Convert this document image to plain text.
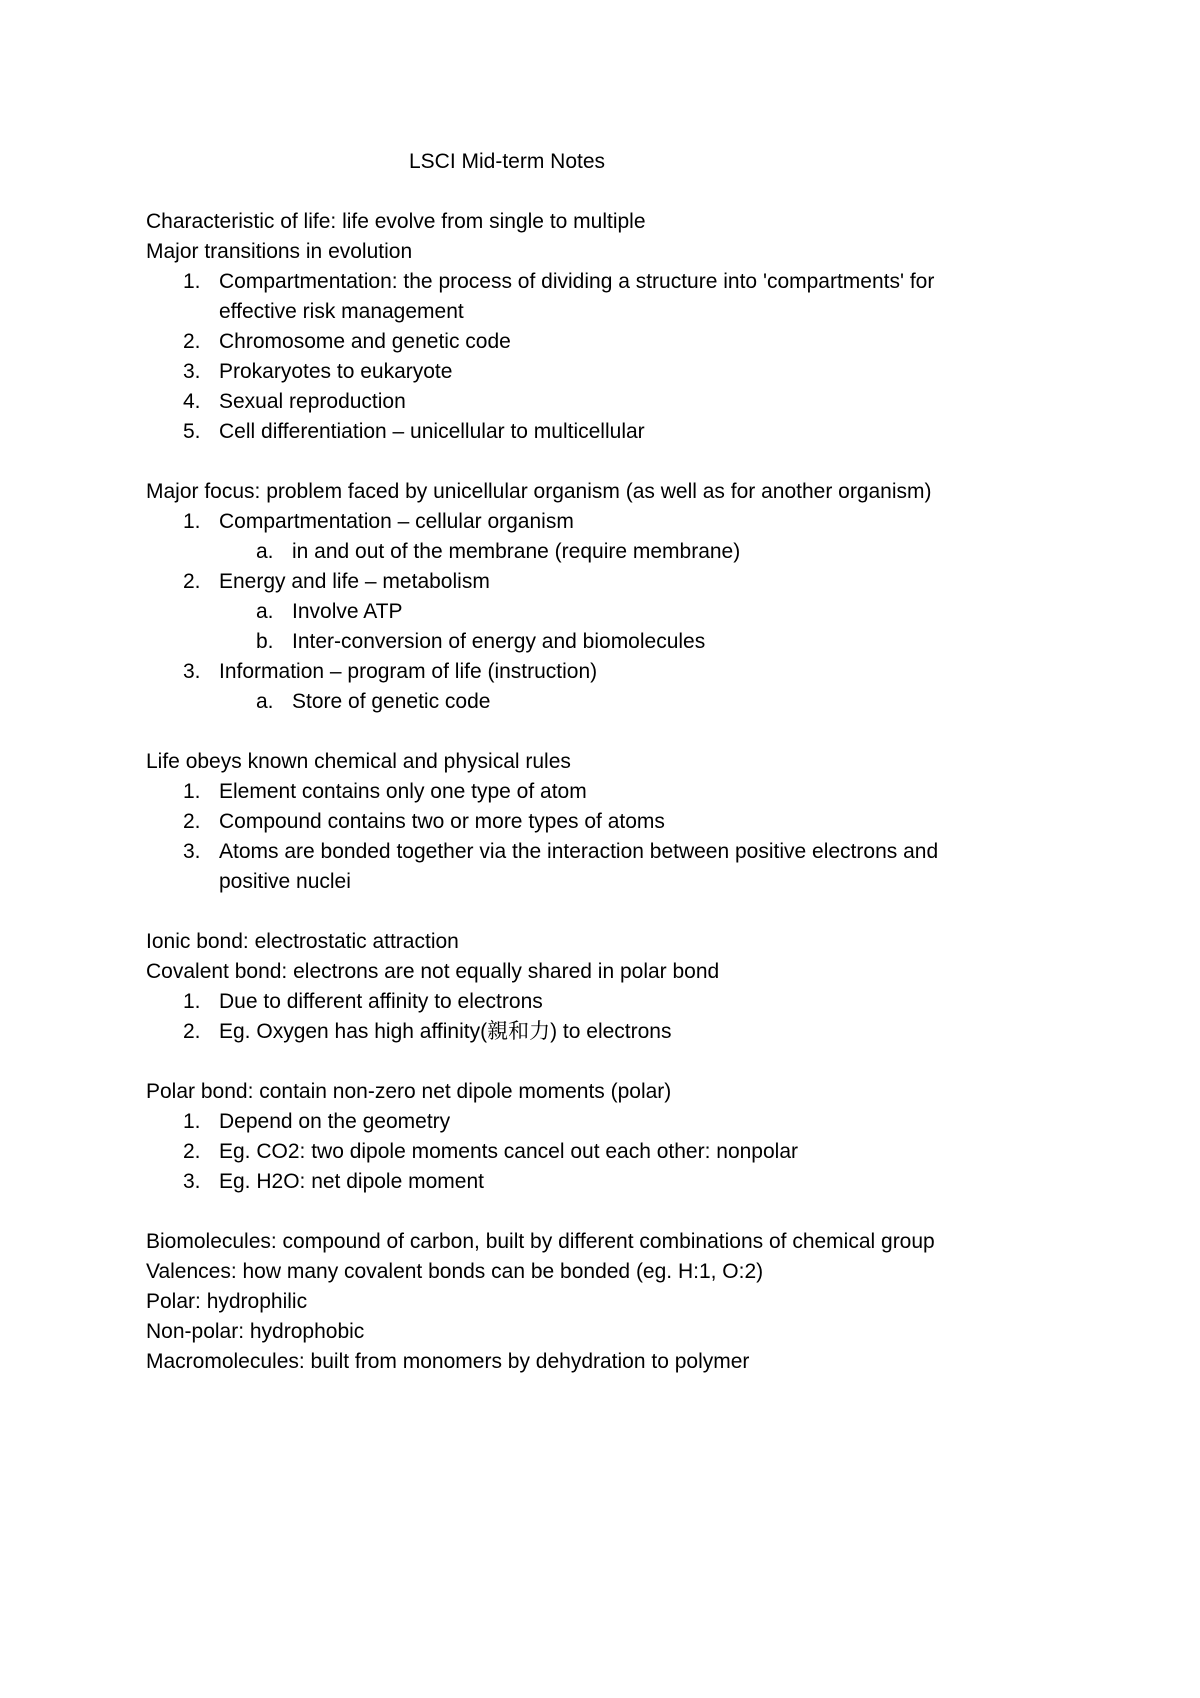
LSCI Mid-term Notes
Characteristic of life: life evolve from single to multiple
Major transitions in evolution
1. Compartmentation: the process of dividing a structure into 'compartments' for
effective risk management
2. Chromosome and genetic code
3. Prokaryotes to eukaryote
4. Sexual reproduction
5. Cell differentiation – unicellular to multicellular
Major focus: problem faced by unicellular organism (as well as for another organism)
1. Compartmentation – cellular organism
a. in and out of the membrane (require membrane)
2. Energy and life – metabolism
a. Involve ATP
b. Inter-conversion of energy and biomolecules
3. Information – program of life (instruction)
a. Store of genetic code
Life obeys known chemical and physical rules
1. Element contains only one type of atom
2. Compound contains two or more types of atoms
3. Atoms are bonded together via the interaction between positive electrons and
positive nuclei
Ionic bond: electrostatic attraction
Covalent bond: electrons are not equally shared in polar bond
1. Due to different affinity to electrons
2. Eg. Oxygen has high affinity(親和力) to electrons
Polar bond: contain non-zero net dipole moments (polar)
1. Depend on the geometry
2. Eg. CO2: two dipole moments cancel out each other: nonpolar
3. Eg. H2O: net dipole moment
Biomolecules: compound of carbon, built by different combinations of chemical group
Valences: how many covalent bonds can be bonded (eg. H:1, O:2)
Polar: hydrophilic
Non-polar: hydrophobic
Macromolecules: built from monomers by dehydration to polymer
